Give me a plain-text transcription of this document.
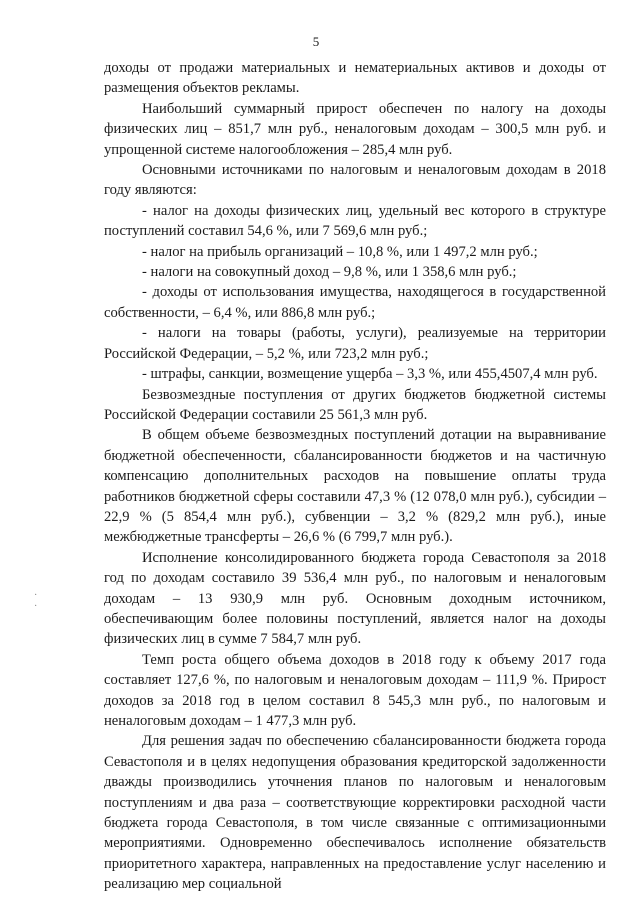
5

доходы от продажи материальных и нематериальных активов и доходы от размещения объектов рекламы.

Наибольший суммарный прирост обеспечен по налогу на доходы физических лиц – 851,7 млн руб., неналоговым доходам – 300,5 млн руб. и упрощенной системе налогообложения – 285,4 млн руб.

Основными источниками по налоговым и неналоговым доходам в 2018 году являются:

- налог на доходы физических лиц, удельный вес которого в структуре поступлений составил 54,6 %, или 7 569,6 млн руб.;

- налог на прибыль организаций – 10,8 %, или 1 497,2 млн руб.;

- налоги на совокупный доход – 9,8 %, или 1 358,6 млн руб.;

- доходы от использования имущества, находящегося в государственной собственности, – 6,4 %, или 886,8 млн руб.;

- налоги на товары (работы, услуги), реализуемые на территории Российской Федерации, – 5,2 %, или 723,2 млн руб.;

- штрафы, санкции, возмещение ущерба – 3,3 %, или 455,4507,4 млн руб.

Безвозмездные поступления от других бюджетов бюджетной системы Российской Федерации составили 25 561,3 млн руб.

В общем объеме безвозмездных поступлений дотации на выравнивание бюджетной обеспеченности, сбалансированности бюджетов и на частичную компенсацию дополнительных расходов на повышение оплаты труда работников бюджетной сферы составили 47,3 % (12 078,0 млн руб.), субсидии – 22,9 % (5 854,4 млн руб.), субвенции – 3,2 % (829,2 млн руб.), иные межбюджетные трансферты – 26,6 % (6 799,7 млн руб.).

Исполнение консолидированного бюджета города Севастополя за 2018 год по доходам составило 39 536,4 млн руб., по налоговым и неналоговым доходам – 13 930,9 млн руб. Основным доходным источником, обеспечивающим более половины поступлений, является налог на доходы физических лиц в сумме 7 584,7 млн руб.

Темп роста общего объема доходов в 2018 году к объему 2017 года составляет 127,6 %, по налоговым и неналоговым доходам – 111,9 %. Прирост доходов за 2018 год в целом составил 8 545,3 млн руб., по налоговым и неналоговым доходам – 1 477,3 млн руб.

Для решения задач по обеспечению сбалансированности бюджета города Севастополя и в целях недопущения образования кредиторской задолженности дважды производились уточнения планов по налоговым и неналоговым поступлениям и два раза – соответствующие корректировки расходной части бюджета города Севастополя, в том числе связанные с оптимизационными мероприятиями. Одновременно обеспечивалось исполнение обязательств приоритетного характера, направленных на предоставление услуг населению и реализацию мер социальной

·
·
